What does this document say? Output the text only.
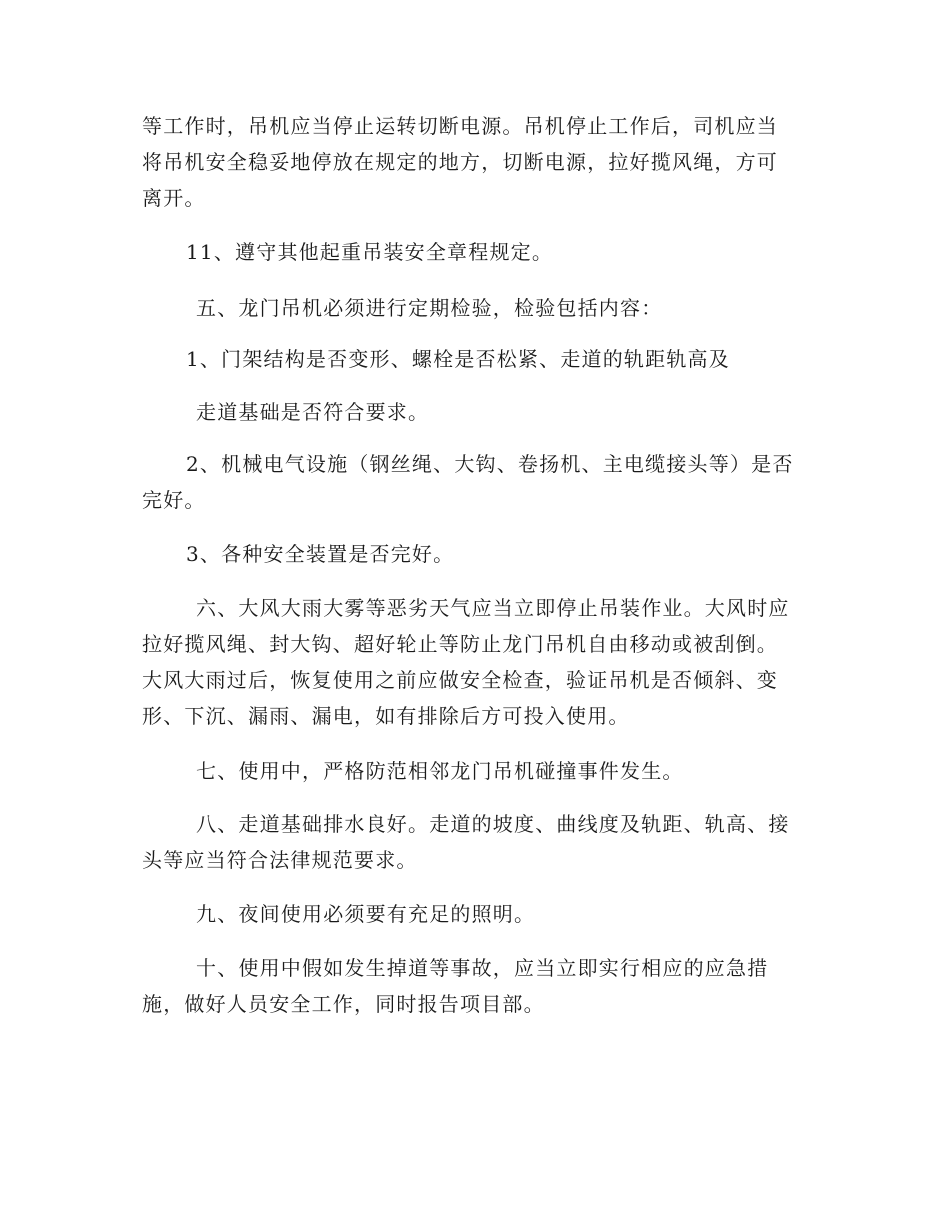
等工作时，吊机应当停止运转切断电源。吊机停止工作后，司机应当
将吊机安全稳妥地停放在规定的地方，切断电源，拉好揽风绳，方可
离开。
11、遵守其他起重吊装安全章程规定。
五、龙门吊机必须进行定期检验，检验包括内容：
1、门架结构是否变形、螺栓是否松紧、走道的轨距轨高及
走道基础是否符合要求。
2、机械电气设施（钢丝绳、大钩、卷扬机、主电缆接头等）是否
完好。
3、各种安全装置是否完好。
六、大风大雨大雾等恶劣天气应当立即停止吊装作业。大风时应
拉好揽风绳、封大钩、超好轮止等防止龙门吊机自由移动或被刮倒。
大风大雨过后，恢复使用之前应做安全检查，验证吊机是否倾斜、变
形、下沉、漏雨、漏电，如有排除后方可投入使用。
七、使用中，严格防范相邻龙门吊机碰撞事件发生。
八、走道基础排水良好。走道的坡度、曲线度及轨距、轨高、接
头等应当符合法律规范要求。
九、夜间使用必须要有充足的照明。
十、使用中假如发生掉道等事故，应当立即实行相应的应急措
施，做好人员安全工作，同时报告项目部。
